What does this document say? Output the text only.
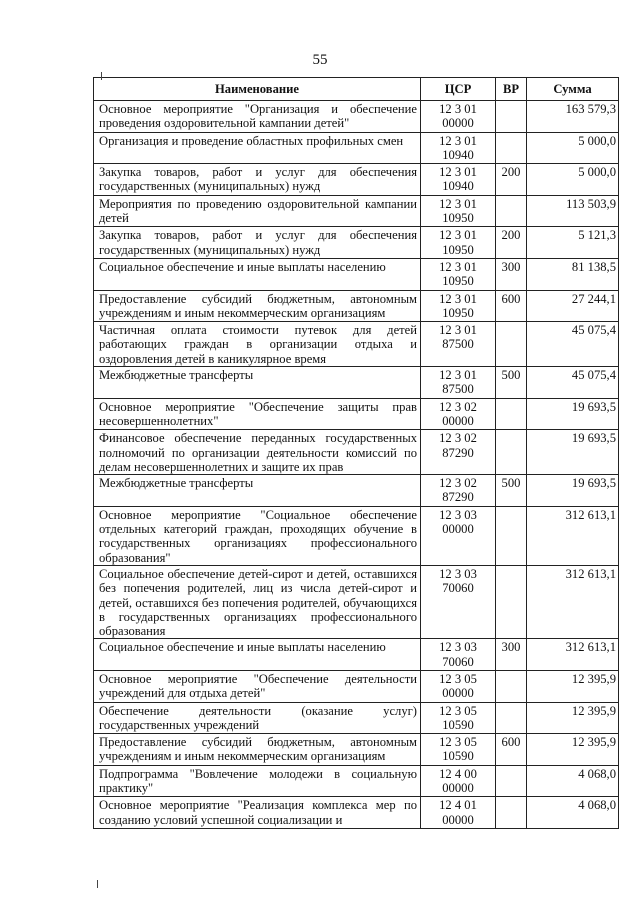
55
Наименование	ЦСР	ВР	Сумма
Основное мероприятие "Организация и обеспечение проведения оздоровительной кампании детей"	12 3 01 00000		163 579,3
Организация и проведение областных профильных смен	12 3 01 10940		5 000,0
Закупка товаров, работ и услуг для обеспечения государственных (муниципальных) нужд	12 3 01 10940	200	5 000,0
Мероприятия по проведению оздоровительной кампании детей	12 3 01 10950		113 503,9
Закупка товаров, работ и услуг для обеспечения государственных (муниципальных) нужд	12 3 01 10950	200	5 121,3
Социальное обеспечение и иные выплаты населению	12 3 01 10950	300	81 138,5
Предоставление субсидий бюджетным, автономным учреждениям и иным некоммерческим организациям	12 3 01 10950	600	27 244,1
Частичная оплата стоимости путевок для детей работающих граждан в организации отдыха и оздоровления детей в каникулярное время	12 3 01 87500		45 075,4
Межбюджетные трансферты	12 3 01 87500	500	45 075,4
Основное мероприятие "Обеспечение защиты прав несовершеннолетних"	12 3 02 00000		19 693,5
Финансовое обеспечение переданных государственных полномочий по организации деятельности комиссий по делам несовершеннолетних и защите их прав	12 3 02 87290		19 693,5
Межбюджетные трансферты	12 3 02 87290	500	19 693,5
Основное мероприятие "Социальное обеспечение отдельных категорий граждан, проходящих обучение в государственных организациях профессионального образования"	12 3 03 00000		312 613,1
Социальное обеспечение детей-сирот и детей, оставшихся без попечения родителей, лиц из числа детей-сирот и детей, оставшихся без попечения родителей, обучающихся в государственных организациях профессионального образования	12 3 03 70060		312 613,1
Социальное обеспечение и иные выплаты населению	12 3 03 70060	300	312 613,1
Основное мероприятие "Обеспечение деятельности учреждений для отдыха детей"	12 3 05 00000		12 395,9
Обеспечение деятельности (оказание услуг) государственных учреждений	12 3 05 10590		12 395,9
Предоставление субсидий бюджетным, автономным учреждениям и иным некоммерческим организациям	12 3 05 10590	600	12 395,9
Подпрограмма "Вовлечение молодежи в социальную практику"	12 4 00 00000		4 068,0
Основное мероприятие "Реализация комплекса мер по созданию условий успешной социализации и	12 4 01 00000		4 068,0
